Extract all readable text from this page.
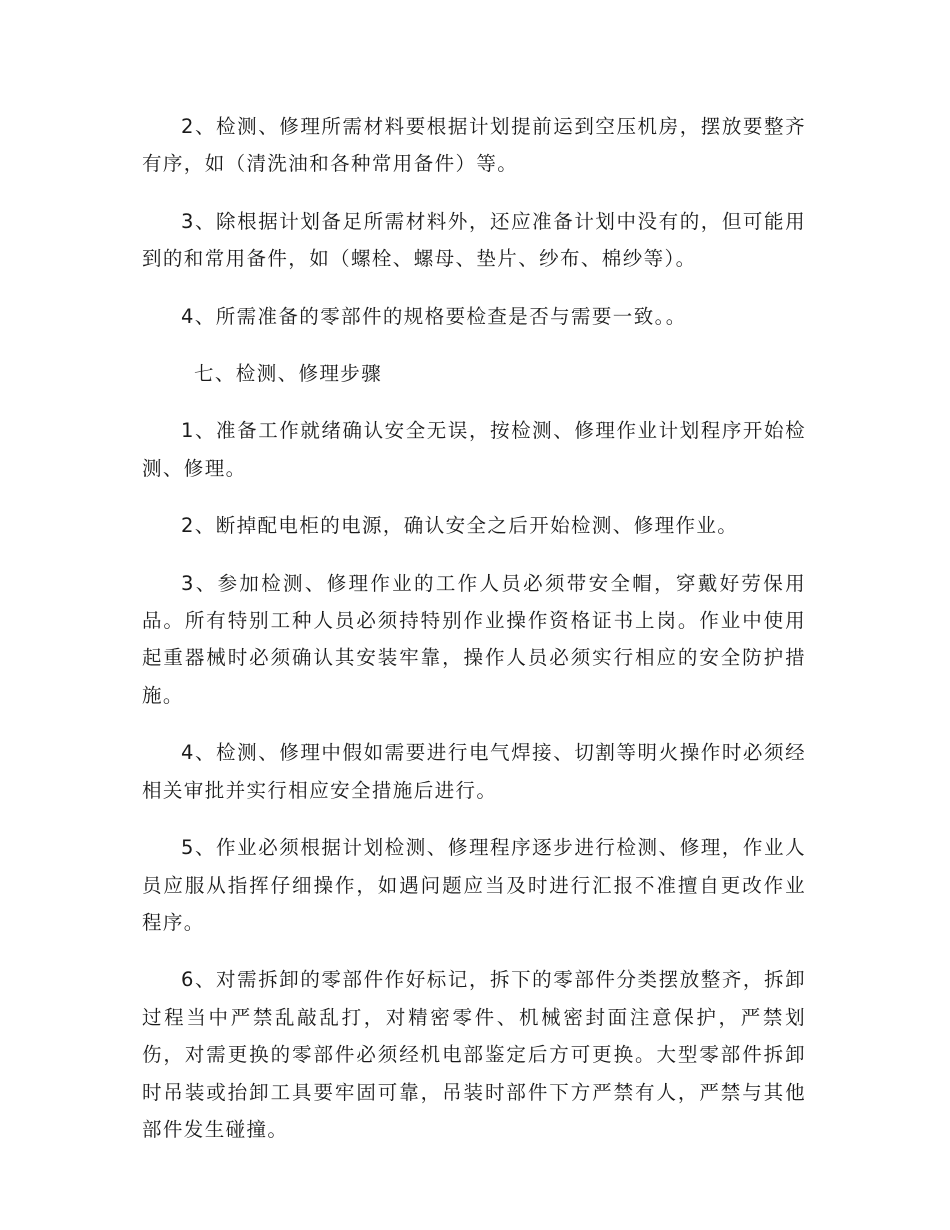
2、检测、修理所需材料要根据计划提前运到空压机房，摆放要整齐有序，如（清洗油和各种常用备件）等。

3、除根据计划备足所需材料外，还应准备计划中没有的，但可能用到的和常用备件，如（螺栓、螺母、垫片、纱布、棉纱等）。

4、所需准备的零部件的规格要检查是否与需要一致。。

七、检测、修理步骤

1、准备工作就绪确认安全无误，按检测、修理作业计划程序开始检测、修理。

2、断掉配电柜的电源，确认安全之后开始检测、修理作业。

3、参加检测、修理作业的工作人员必须带安全帽，穿戴好劳保用品。所有特别工种人员必须持特别作业操作资格证书上岗。作业中使用起重器械时必须确认其安装牢靠，操作人员必须实行相应的安全防护措施。

4、检测、修理中假如需要进行电气焊接、切割等明火操作时必须经相关审批并实行相应安全措施后进行。

5、作业必须根据计划检测、修理程序逐步进行检测、修理，作业人员应服从指挥仔细操作，如遇问题应当及时进行汇报不准擅自更改作业程序。

6、对需拆卸的零部件作好标记，拆下的零部件分类摆放整齐，拆卸过程当中严禁乱敲乱打，对精密零件、机械密封面注意保护，严禁划伤，对需更换的零部件必须经机电部鉴定后方可更换。大型零部件拆卸时吊装或抬卸工具要牢固可靠，吊装时部件下方严禁有人，严禁与其他部件发生碰撞。
